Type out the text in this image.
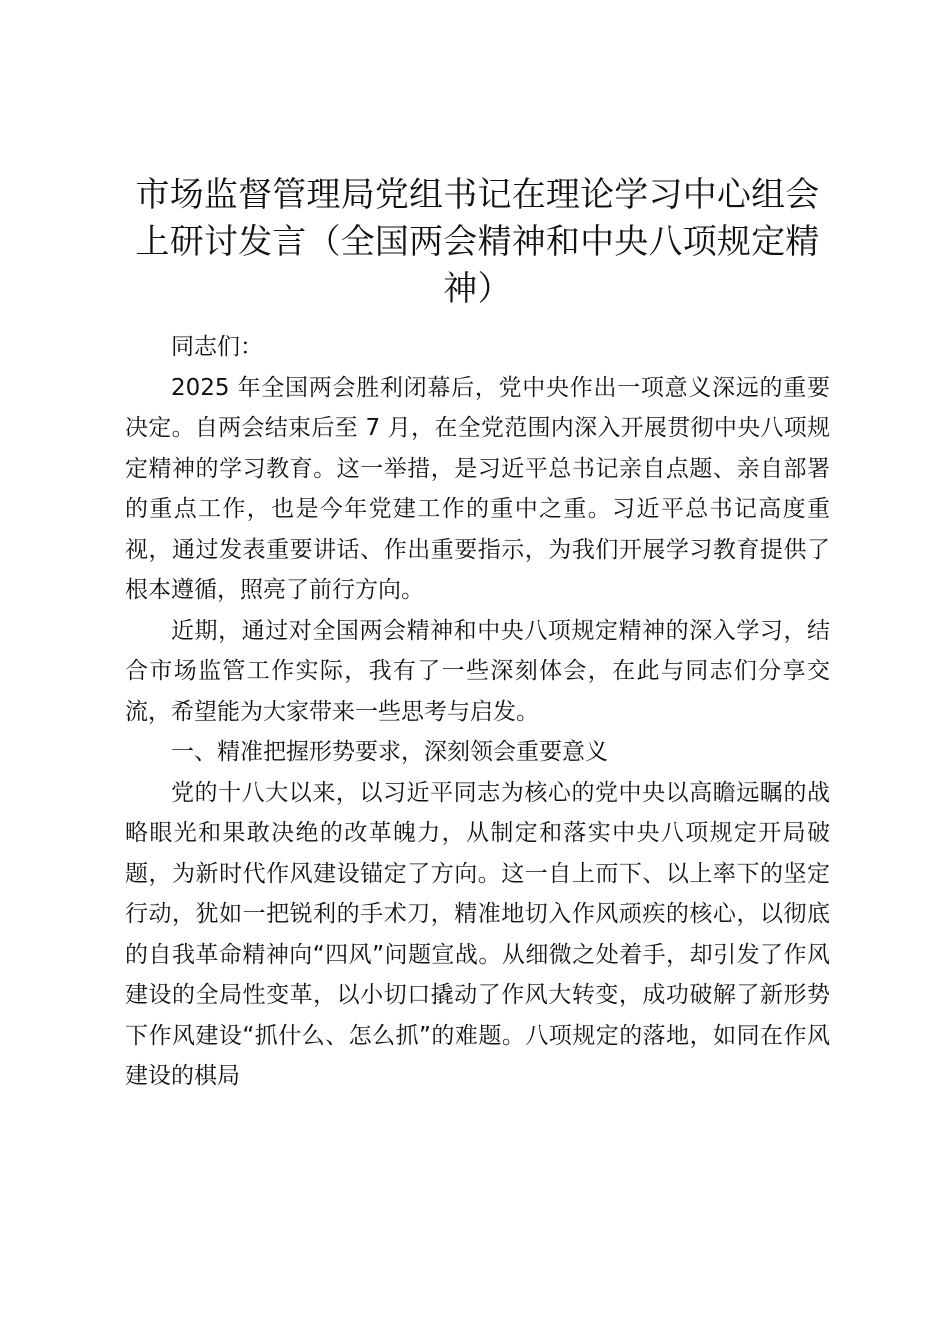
市场监督管理局党组书记在理论学习中心组会上研讨发言（全国两会精神和中央八项规定精神）

同志们：

2025 年全国两会胜利闭幕后，党中央作出一项意义深远的重要决定。自两会结束后至 7 月，在全党范围内深入开展贯彻中央八项规定精神的学习教育。这一举措，是习近平总书记亲自点题、亲自部署的重点工作，也是今年党建工作的重中之重。习近平总书记高度重视，通过发表重要讲话、作出重要指示，为我们开展学习教育提供了根本遵循，照亮了前行方向。

近期，通过对全国两会精神和中央八项规定精神的深入学习，结合市场监管工作实际，我有了一些深刻体会，在此与同志们分享交流，希望能为大家带来一些思考与启发。

一、精准把握形势要求，深刻领会重要意义

党的十八大以来，以习近平同志为核心的党中央以高瞻远瞩的战略眼光和果敢决绝的改革魄力，从制定和落实中央八项规定开局破题，为新时代作风建设锚定了方向。这一自上而下、以上率下的坚定行动，犹如一把锐利的手术刀，精准地切入作风顽疾的核心，以彻底的自我革命精神向“四风”问题宣战。从细微之处着手，却引发了作风建设的全局性变革，以小切口撬动了作风大转变，成功破解了新形势下作风建设“抓什么、怎么抓”的难题。八项规定的落地，如同在作风建设的棋局
